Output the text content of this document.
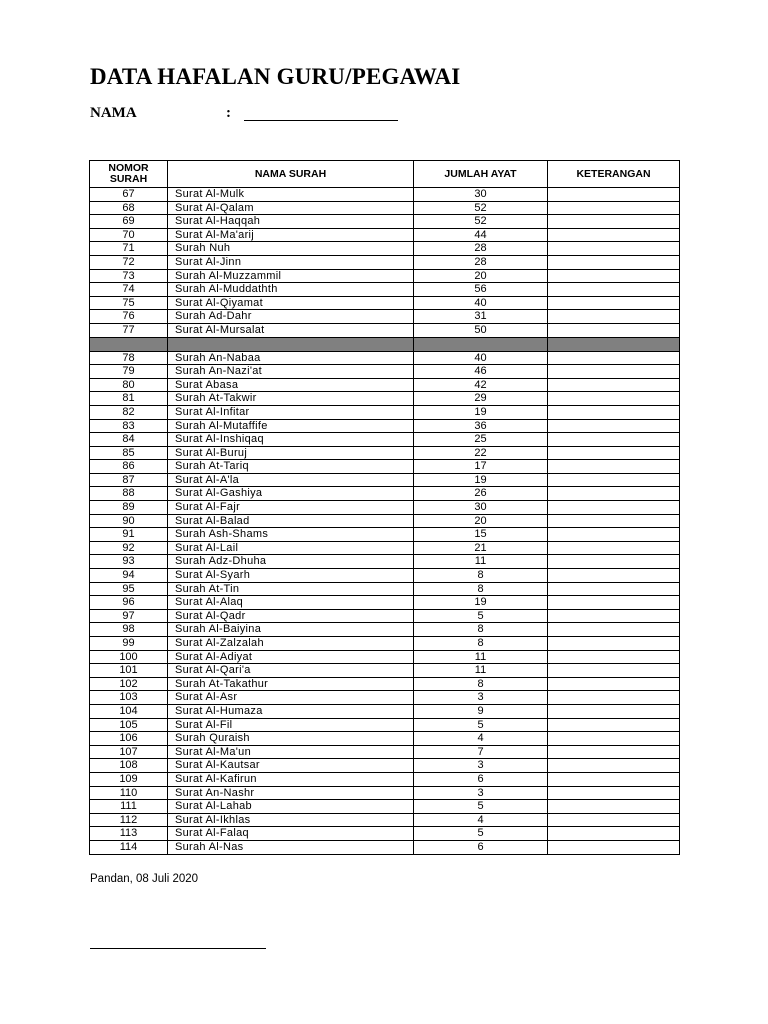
DATA HAFALAN GURU/PEGAWAI
NAMA	:
NOMOR
SURAH	NAMA SURAH	JUMLAH AYAT	KETERANGAN
67	Surat Al-Mulk	30	
68	Surat Al-Qalam	52	
69	Surat Al-Haqqah	52	
70	Surat Al-Ma'arij	44	
71	Surah Nuh	28	
72	Surat Al-Jinn	28	
73	Surah Al-Muzzammil	20	
74	Surah Al-Muddathth	56	
75	Surat Al-Qiyamat	40	
76	Surah Ad-Dahr	31	
77	Surat Al-Mursalat	50	

78	Surah An-Nabaa	40	
79	Surah An-Nazi'at	46	
80	Surat Abasa	42	
81	Surah At-Takwir	29	
82	Surat Al-Infitar	19	
83	Surah Al-Mutaffife	36	
84	Surat Al-Inshiqaq	25	
85	Surat Al-Buruj	22	
86	Surah At-Tariq	17	
87	Surat Al-A'la	19	
88	Surat Al-Gashiya	26	
89	Surat Al-Fajr	30	
90	Surat Al-Balad	20	
91	Surah Ash-Shams	15	
92	Surat Al-Lail	21	
93	Surah Adz-Dhuha	11	
94	Surat Al-Syarh	8	
95	Surah At-Tin	8	
96	Surat Al-Alaq	19	
97	Surat Al-Qadr	5	
98	Surah Al-Baiyina	8	
99	Surat Al-Zalzalah	8	
100	Surat Al-Adiyat	11	
101	Surat Al-Qari'a	11	
102	Surah At-Takathur	8	
103	Surat Al-Asr	3	
104	Surat Al-Humaza	9	
105	Surat Al-Fil	5	
106	Surah Quraish	4	
107	Surat Al-Ma'un	7	
108	Surat Al-Kautsar	3	
109	Surat Al-Kafirun	6	
110	Surat An-Nashr	3	
111	Surat Al-Lahab	5	
112	Surat Al-Ikhlas	4	
113	Surat Al-Falaq	5	
114	Surah Al-Nas	6	
Pandan, 08 Juli 2020
